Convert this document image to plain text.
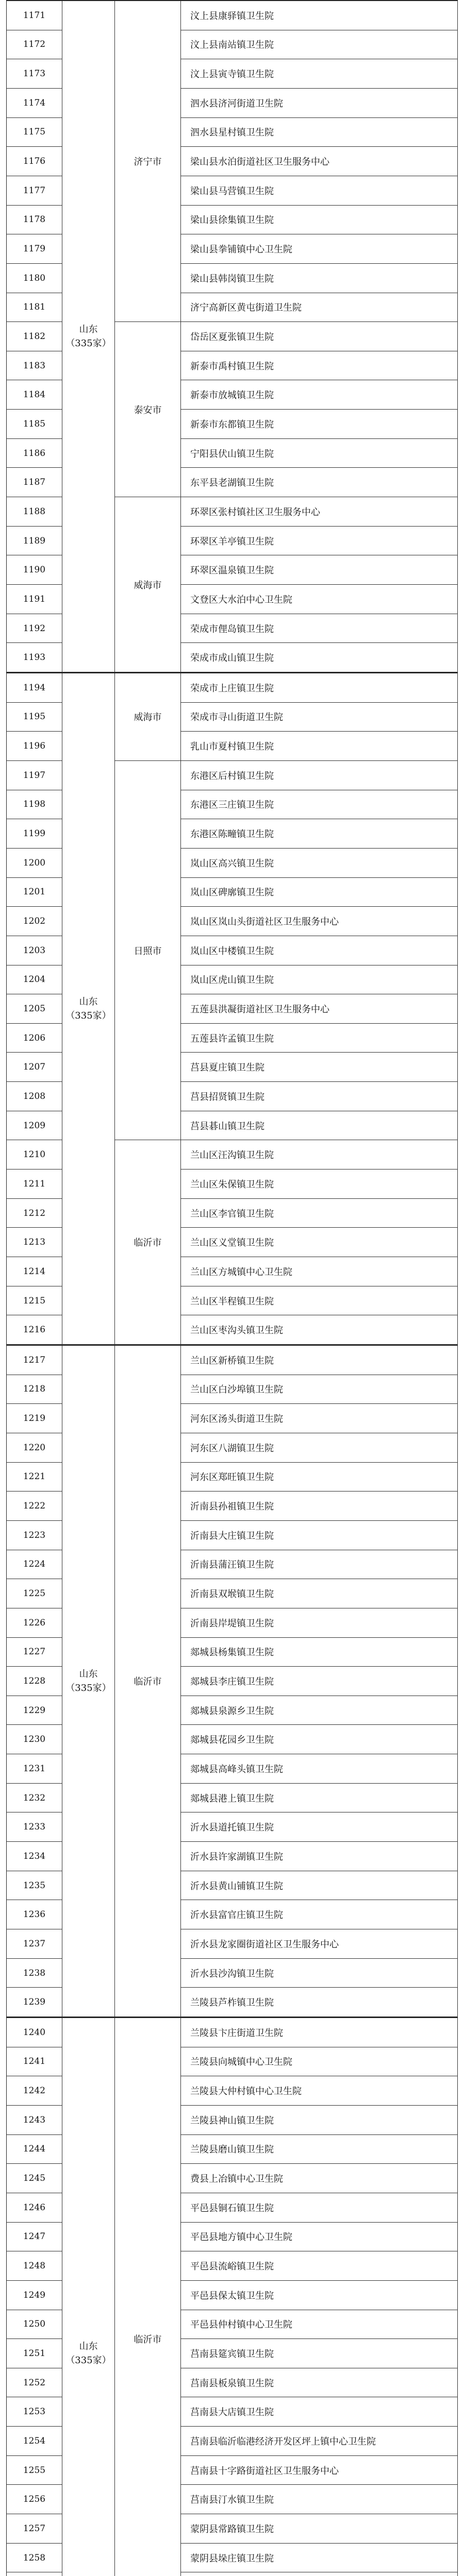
山东
（335家）
济宁市
1171	汶上县康驿镇卫生院
1172	汶上县南站镇卫生院
1173	汶上县寅寺镇卫生院
1174	泗水县济河街道卫生院
1175	泗水县星村镇卫生院
1176	梁山县水泊街道社区卫生服务中心
1177	梁山县马营镇卫生院
1178	梁山县徐集镇卫生院
1179	梁山县拳铺镇中心卫生院
1180	梁山县韩岗镇卫生院
1181	济宁高新区黄屯街道卫生院
泰安市
1182	岱岳区夏张镇卫生院
1183	新泰市禹村镇卫生院
1184	新泰市放城镇卫生院
1185	新泰市东都镇卫生院
1186	宁阳县伏山镇卫生院
1187	东平县老湖镇卫生院
威海市
1188	环翠区张村镇社区卫生服务中心
1189	环翠区羊亭镇卫生院
1190	环翠区温泉镇卫生院
1191	文登区大水泊中心卫生院
1192	荣成市俚岛镇卫生院
1193	荣成市成山镇卫生院
山东
（335家）
威海市
1194	荣成市上庄镇卫生院
1195	荣成市寻山街道卫生院
1196	乳山市夏村镇卫生院
日照市
1197	东港区后村镇卫生院
1198	东港区三庄镇卫生院
1199	东港区陈疃镇卫生院
1200	岚山区高兴镇卫生院
1201	岚山区碑廓镇卫生院
1202	岚山区岚山头街道社区卫生服务中心
1203	岚山区中楼镇卫生院
1204	岚山区虎山镇卫生院
1205	五莲县洪凝街道社区卫生服务中心
1206	五莲县许孟镇卫生院
1207	莒县夏庄镇卫生院
1208	莒县招贤镇卫生院
1209	莒县碁山镇卫生院
临沂市
1210	兰山区汪沟镇卫生院
1211	兰山区朱保镇卫生院
1212	兰山区李官镇卫生院
1213	兰山区义堂镇卫生院
1214	兰山区方城镇中心卫生院
1215	兰山区半程镇卫生院
1216	兰山区枣沟头镇卫生院
山东
（335家）
临沂市
1217	兰山区新桥镇卫生院
1218	兰山区白沙埠镇卫生院
1219	河东区汤头街道卫生院
1220	河东区八湖镇卫生院
1221	河东区郑旺镇卫生院
1222	沂南县孙祖镇卫生院
1223	沂南县大庄镇卫生院
1224	沂南县蒲汪镇卫生院
1225	沂南县双堠镇卫生院
1226	沂南县岸堤镇卫生院
1227	郯城县杨集镇卫生院
1228	郯城县李庄镇卫生院
1229	郯城县泉源乡卫生院
1230	郯城县花园乡卫生院
1231	郯城县高峰头镇卫生院
1232	郯城县港上镇卫生院
1233	沂水县道托镇卫生院
1234	沂水县许家湖镇卫生院
1235	沂水县黄山铺镇卫生院
1236	沂水县富官庄镇卫生院
1237	沂水县龙家圈街道社区卫生服务中心
1238	沂水县沙沟镇卫生院
1239	兰陵县芦柞镇卫生院
山东
（335家）
临沂市
1240	兰陵县卞庄街道卫生院
1241	兰陵县向城镇中心卫生院
1242	兰陵县大仲村镇中心卫生院
1243	兰陵县神山镇卫生院
1244	兰陵县磨山镇卫生院
1245	费县上冶镇中心卫生院
1246	平邑县铜石镇卫生院
1247	平邑县地方镇中心卫生院
1248	平邑县流峪镇卫生院
1249	平邑县保太镇卫生院
1250	平邑县仲村镇中心卫生院
1251	莒南县筵宾镇卫生院
1252	莒南县板泉镇卫生院
1253	莒南县大店镇卫生院
1254	莒南县临沂临港经济开发区坪上镇中心卫生院
1255	莒南县十字路街道社区卫生服务中心
1256	莒南县汀水镇卫生院
1257	蒙阴县常路镇卫生院
1258	蒙阴县垛庄镇卫生院
